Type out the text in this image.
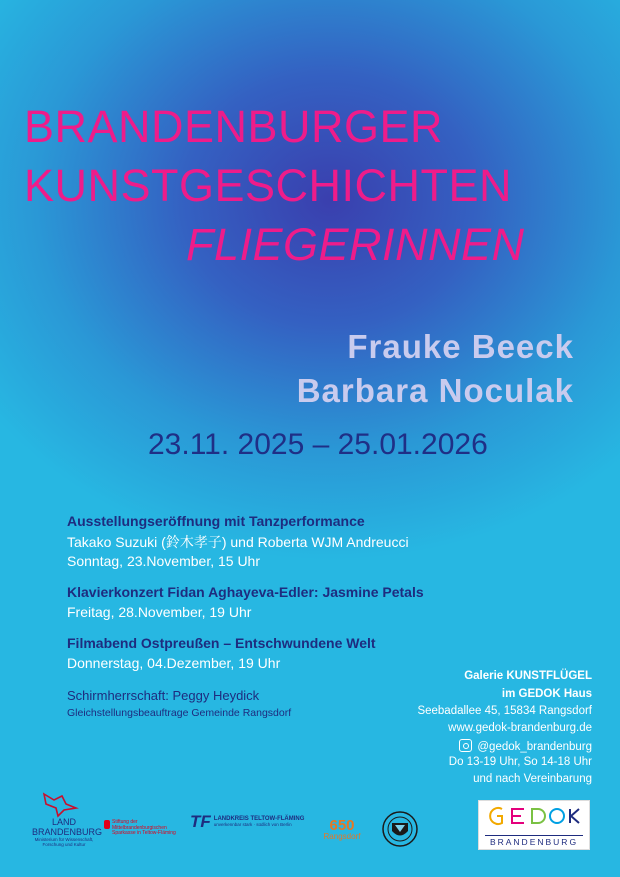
BRANDENBURGER
KUNSTGESCHICHTEN
FLIEGERINNEN
Frauke Beeck
Barbara Noculak
23.11. 2025 – 25.01.2026
Ausstellungseröffnung mit Tanzperformance
Takako Suzuki (鈴木孝子) und Roberta WJM Andreucci
Sonntag, 23.November, 15 Uhr
Klavierkonzert Fidan Aghayeva-Edler: Jasmine Petals
Freitag, 28.November, 19 Uhr
Filmabend Ostpreußen – Entschwundene Welt
Donnerstag, 04.Dezember, 19 Uhr
Schirmherrschaft: Peggy Heydick
Gleichstellungsbeauftrage Gemeinde Rangsdorf
Galerie KUNSTFLÜGEL
im GEDOK Haus
Seebadallee 45, 15834 Rangsdorf
www.gedok-brandenburg.de
@gedok_brandenburg
Do 13-19 Uhr, So 14-18 Uhr
und nach Vereinbarung
LAND
BRANDENBURG
Ministerium für Wissenschaft,
Forschung und Kultur
Stiftung der Mittelbrandenburgischen
Sparkasse in Teltow-Fläming
TF LANDKREIS TELTOW-FLÄMING
unverkennbar stark · südlich von Berlin	650
Rangsdorf
BRANDENBURG
